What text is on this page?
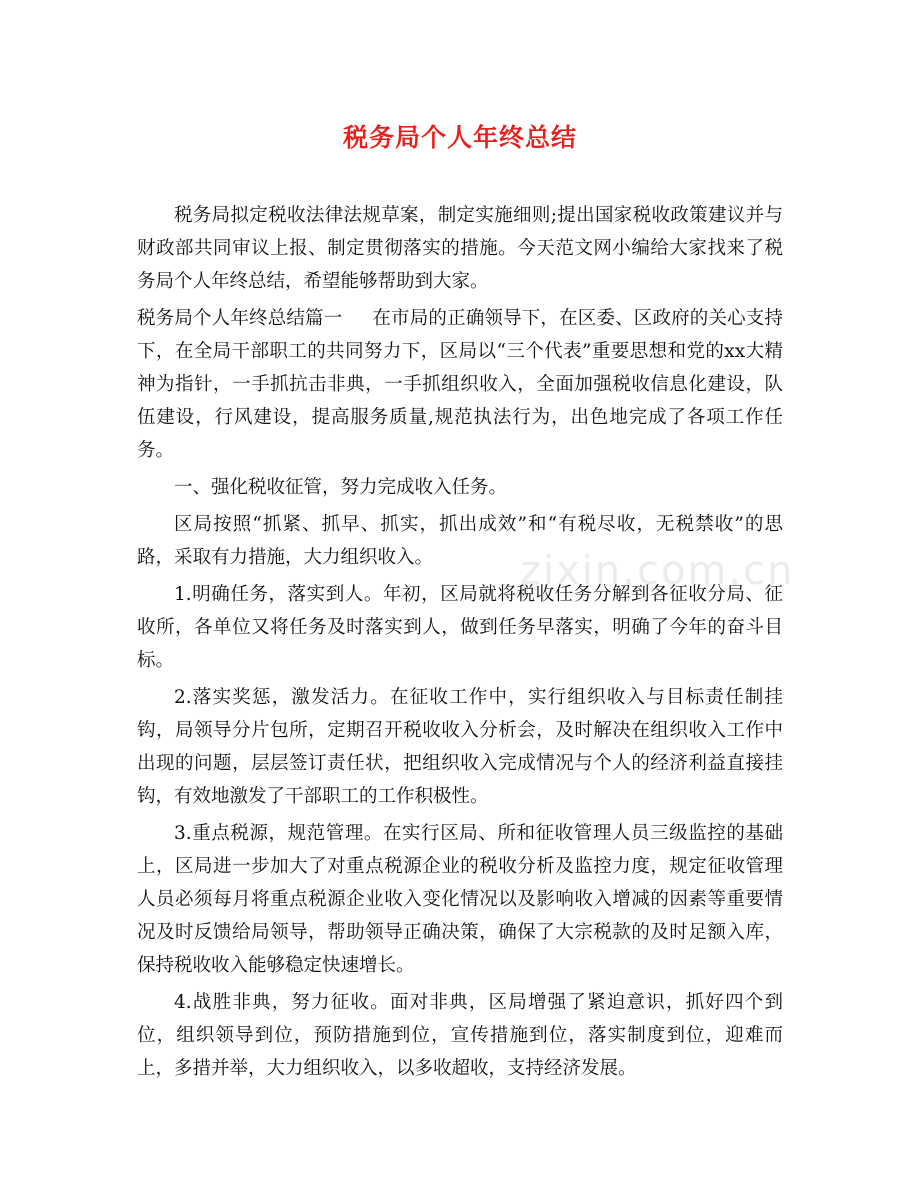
税务局个人年终总结
zixin.com.cn

税务局拟定税收法律法规草案，制定实施细则;提出国家税收政策建议并与财政部共同审议上报、制定贯彻落实的措施。今天范文网小编给大家找来了税务局个人年终总结，希望能够帮助到大家。

税务局个人年终总结篇一 在市局的正确领导下，在区委、区政府的关心支持下，在全局干部职工的共同努力下，区局以“三个代表”重要思想和党的xx大精神为指针，一手抓抗击非典，一手抓组织收入，全面加强税收信息化建设，队伍建设，行风建设，提高服务质量,规范执法行为，出色地完成了各项工作任务。

一、强化税收征管，努力完成收入任务。

区局按照“抓紧、抓早、抓实，抓出成效”和“有税尽收，无税禁收”的思路，采取有力措施，大力组织收入。

1.明确任务，落实到人。年初，区局就将税收任务分解到各征收分局、征收所，各单位又将任务及时落实到人，做到任务早落实，明确了今年的奋斗目标。

2.落实奖惩，激发活力。在征收工作中，实行组织收入与目标责任制挂钩，局领导分片包所，定期召开税收收入分析会，及时解决在组织收入工作中出现的问题，层层签订责任状，把组织收入完成情况与个人的经济利益直接挂钩，有效地激发了干部职工的工作积极性。

3.重点税源，规范管理。在实行区局、所和征收管理人员三级监控的基础上，区局进一步加大了对重点税源企业的税收分析及监控力度，规定征收管理人员必须每月将重点税源企业收入变化情况以及影响收入增减的因素等重要情况及时反馈给局领导，帮助领导正确决策，确保了大宗税款的及时足额入库，保持税收收入能够稳定快速增长。

4.战胜非典，努力征收。面对非典，区局增强了紧迫意识，抓好四个到位，组织领导到位，预防措施到位，宣传措施到位，落实制度到位，迎难而上，多措并举，大力组织收入，以多收超收，支持经济发展。
